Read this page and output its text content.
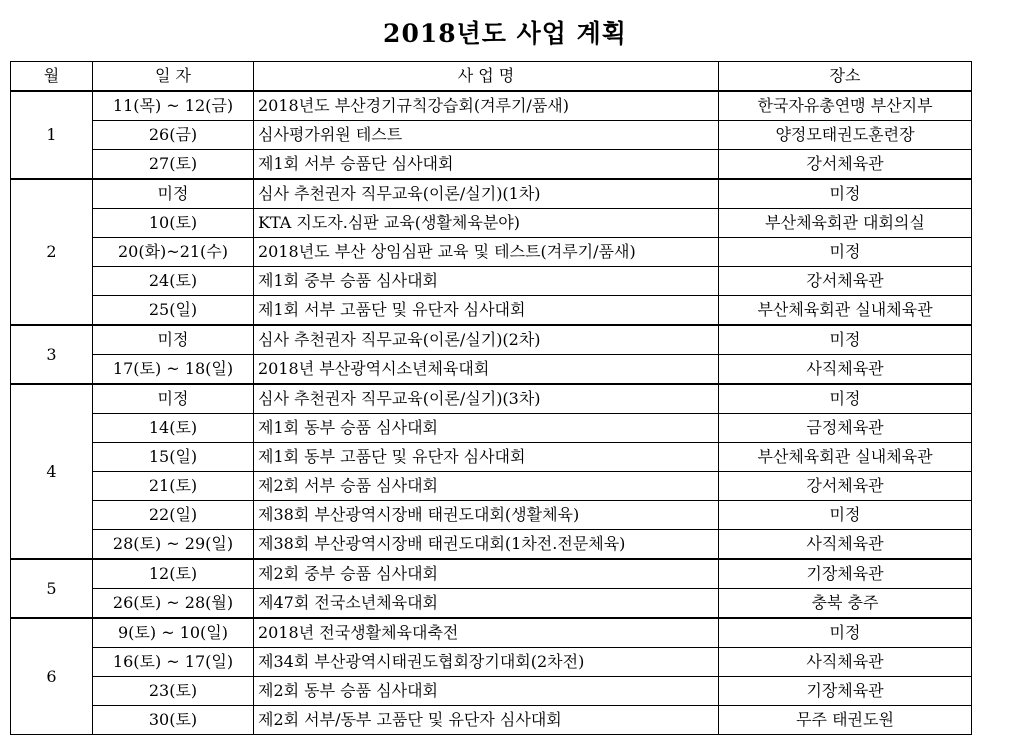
2018년도 사업 계획
월	일 자	사 업 명	장소
1	11(목) ~ 12(금)	2018년도 부산경기규칙강습회(겨루기/품새)	한국자유총연맹 부산지부
	26(금)	심사평가위원 테스트	양정모태권도훈련장
	27(토)	제1회 서부 승품단 심사대회	강서체육관
2	미정	심사 추천권자 직무교육(이론/실기)(1차)	미정
	10(토)	KTA 지도자.심판 교육(생활체육분야)	부산체육회관 대회의실
	20(화)~21(수)	2018년도 부산 상임심판 교육 및 테스트(겨루기/품새)	미정
	24(토)	제1회 중부 승품 심사대회	강서체육관
	25(일)	제1회 서부 고품단 및 유단자 심사대회	부산체육회관 실내체육관
3	미정	심사 추천권자 직무교육(이론/실기)(2차)	미정
	17(토) ~ 18(일)	2018년 부산광역시소년체육대회	사직체육관
4	미정	심사 추천권자 직무교육(이론/실기)(3차)	미정
	14(토)	제1회 동부 승품 심사대회	금정체육관
	15(일)	제1회 동부 고품단 및 유단자 심사대회	부산체육회관 실내체육관
	21(토)	제2회 서부 승품 심사대회	강서체육관
	22(일)	제38회 부산광역시장배 태권도대회(생활체육)	미정
	28(토) ~ 29(일)	제38회 부산광역시장배 태권도대회(1차전.전문체육)	사직체육관
5	12(토)	제2회 중부 승품 심사대회	기장체육관
	26(토) ~ 28(월)	제47회 전국소년체육대회	충북 충주
6	9(토) ~ 10(일)	2018년 전국생활체육대축전	미정
	16(토) ~ 17(일)	제34회 부산광역시태권도협회장기대회(2차전)	사직체육관
	23(토)	제2회 동부 승품 심사대회	기장체육관
	30(토)	제2회 서부/동부 고품단 및 유단자 심사대회	무주 태권도원
